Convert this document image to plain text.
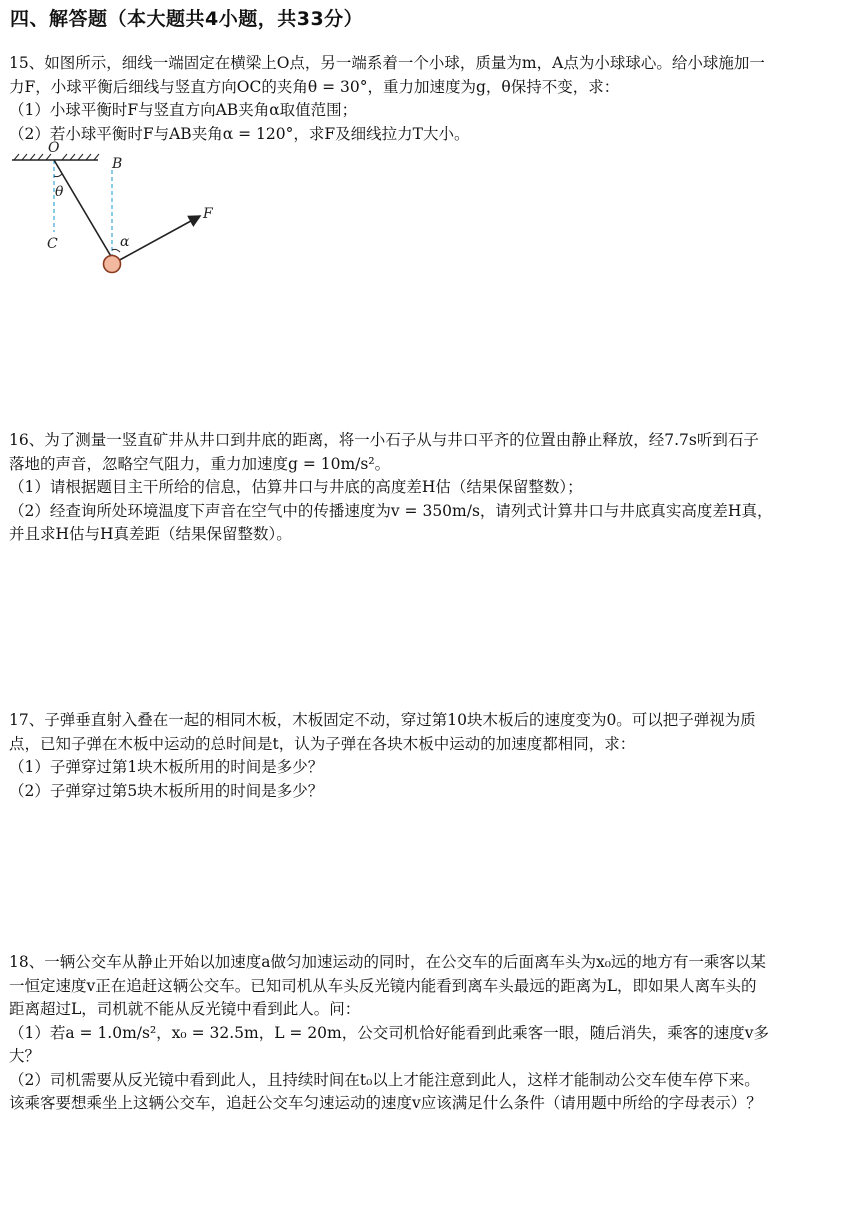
四、解答题（本大题共4小题，共33分）

15、如图所示，细线一端固定在横梁上O点，另一端系着一个小球，质量为m，A点为小球球心。给小球施加一

力F，小球平衡后细线与竖直方向OC的夹角θ = 30°，重力加速度为g，θ保持不变，求：

（1）小球平衡时F与竖直方向AB夹角α取值范围；

（2）若小球平衡时F与AB夹角α = 120°，求F及细线拉力T大小。

O
B
C
F
θ
α

16、为了测量一竖直矿井从井口到井底的距离，将一小石子从与井口平齐的位置由静止释放，经7.7s听到石子

落地的声音，忽略空气阻力，重力加速度g = 10m/s²。

（1）请根据题目主干所给的信息，估算井口与井底的高度差H估（结果保留整数）；

（2）经查询所处环境温度下声音在空气中的传播速度为v = 350m/s，请列式计算井口与井底真实高度差H真，

并且求H估与H真差距（结果保留整数）。

17、子弹垂直射入叠在一起的相同木板，木板固定不动，穿过第10块木板后的速度变为0。可以把子弹视为质

点，已知子弹在木板中运动的总时间是t，认为子弹在各块木板中运动的加速度都相同，求：

（1）子弹穿过第1块木板所用的时间是多少？

（2）子弹穿过第5块木板所用的时间是多少？

18、一辆公交车从静止开始以加速度a做匀加速运动的同时，在公交车的后面离车头为x₀远的地方有一乘客以某

一恒定速度v正在追赶这辆公交车。已知司机从车头反光镜内能看到离车头最远的距离为L，即如果人离车头的

距离超过L，司机就不能从反光镜中看到此人。问：

（1）若a = 1.0m/s²，x₀ = 32.5m，L = 20m，公交司机恰好能看到此乘客一眼，随后消失，乘客的速度v多

大？

（2）司机需要从反光镜中看到此人，且持续时间在t₀以上才能注意到此人，这样才能制动公交车使车停下来。

该乘客要想乘坐上这辆公交车，追赶公交车匀速运动的速度v应该满足什么条件（请用题中所给的字母表示）？
